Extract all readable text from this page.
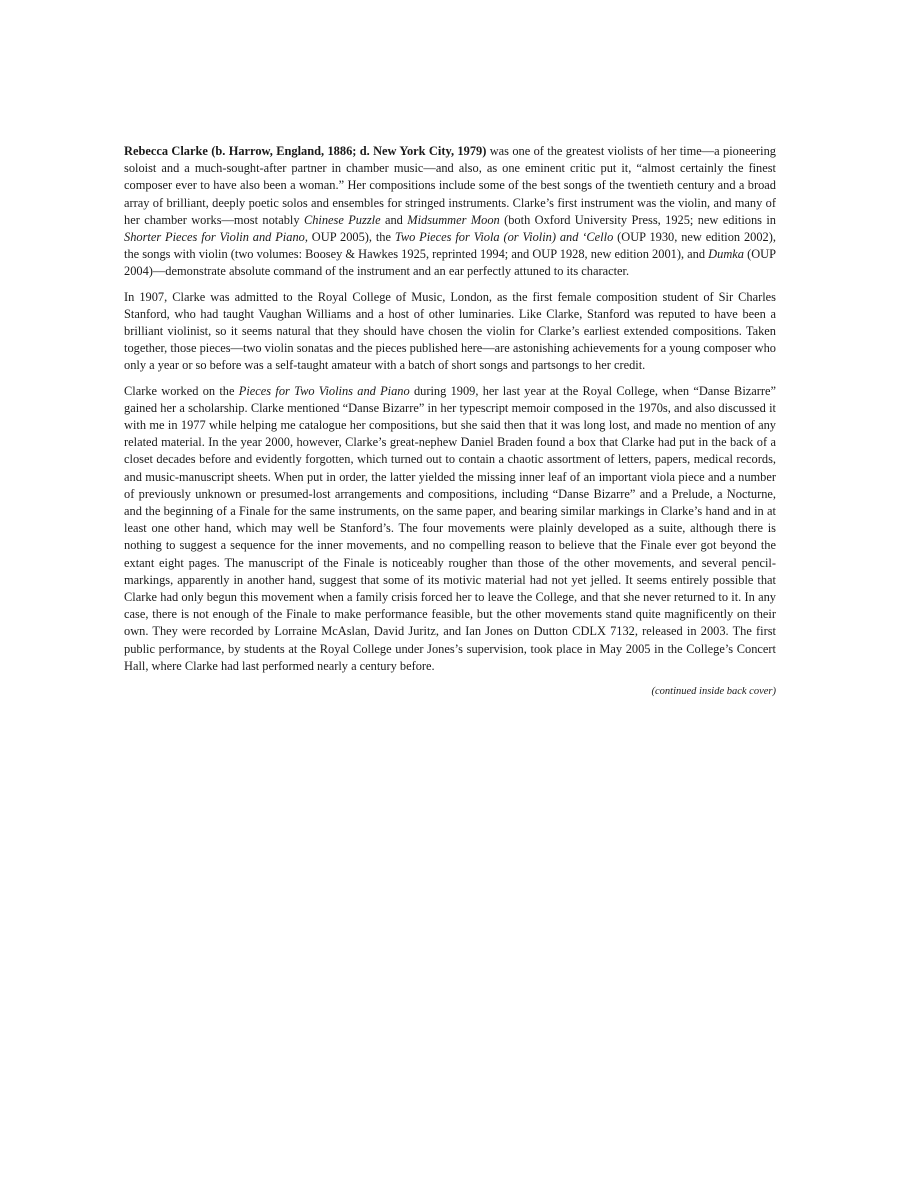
Rebecca Clarke (b. Harrow, England, 1886; d. New York City, 1979) was one of the greatest violists of her time—a pioneering soloist and a much-sought-after partner in chamber music—and also, as one eminent critic put it, “almost certainly the finest composer ever to have also been a woman.” Her compositions include some of the best songs of the twentieth century and a broad array of brilliant, deeply poetic solos and ensembles for stringed instruments. Clarke’s first instrument was the violin, and many of her chamber works—most notably Chinese Puzzle and Midsummer Moon (both Oxford University Press, 1925; new editions in Shorter Pieces for Violin and Piano, OUP 2005), the Two Pieces for Viola (or Violin) and ‘Cello (OUP 1930, new edition 2002), the songs with violin (two volumes: Boosey & Hawkes 1925, reprinted 1994; and OUP 1928, new edition 2001), and Dumka (OUP 2004)—demonstrate absolute command of the instrument and an ear perfectly attuned to its character.

In 1907, Clarke was admitted to the Royal College of Music, London, as the first female composition student of Sir Charles Stanford, who had taught Vaughan Williams and a host of other luminaries. Like Clarke, Stanford was reputed to have been a brilliant violinist, so it seems natural that they should have chosen the violin for Clarke’s earliest extended compositions. Taken together, those pieces—two violin sonatas and the pieces published here—are astonishing achievements for a young composer who only a year or so before was a self-taught amateur with a batch of short songs and partsongs to her credit.

Clarke worked on the Pieces for Two Violins and Piano during 1909, her last year at the Royal College, when “Danse Bizarre” gained her a scholarship. Clarke mentioned “Danse Bizarre” in her typescript memoir composed in the 1970s, and also discussed it with me in 1977 while helping me catalogue her compositions, but she said then that it was long lost, and made no mention of any related material. In the year 2000, however, Clarke’s great-nephew Daniel Braden found a box that Clarke had put in the back of a closet decades before and evidently forgotten, which turned out to contain a chaotic assortment of letters, papers, medical records, and music-manuscript sheets. When put in order, the latter yielded the missing inner leaf of an important viola piece and a number of previously unknown or presumed-lost arrangements and compositions, including “Danse Bizarre” and a Prelude, a Nocturne, and the beginning of a Finale for the same instruments, on the same paper, and bearing similar markings in Clarke’s hand and in at least one other hand, which may well be Stanford’s. The four movements were plainly developed as a suite, although there is nothing to suggest a sequence for the inner movements, and no compelling reason to believe that the Finale ever got beyond the extant eight pages. The manuscript of the Finale is noticeably rougher than those of the other movements, and several pencil-markings, apparently in another hand, suggest that some of its motivic material had not yet jelled. It seems entirely possible that Clarke had only begun this movement when a family crisis forced her to leave the College, and that she never returned to it. In any case, there is not enough of the Finale to make performance feasible, but the other movements stand quite magnificently on their own. They were recorded by Lorraine McAslan, David Juritz, and Ian Jones on Dutton CDLX 7132, released in 2003. The first public performance, by students at the Royal College under Jones’s supervision, took place in May 2005 in the College’s Concert Hall, where Clarke had last performed nearly a century before.

(continued inside back cover)
